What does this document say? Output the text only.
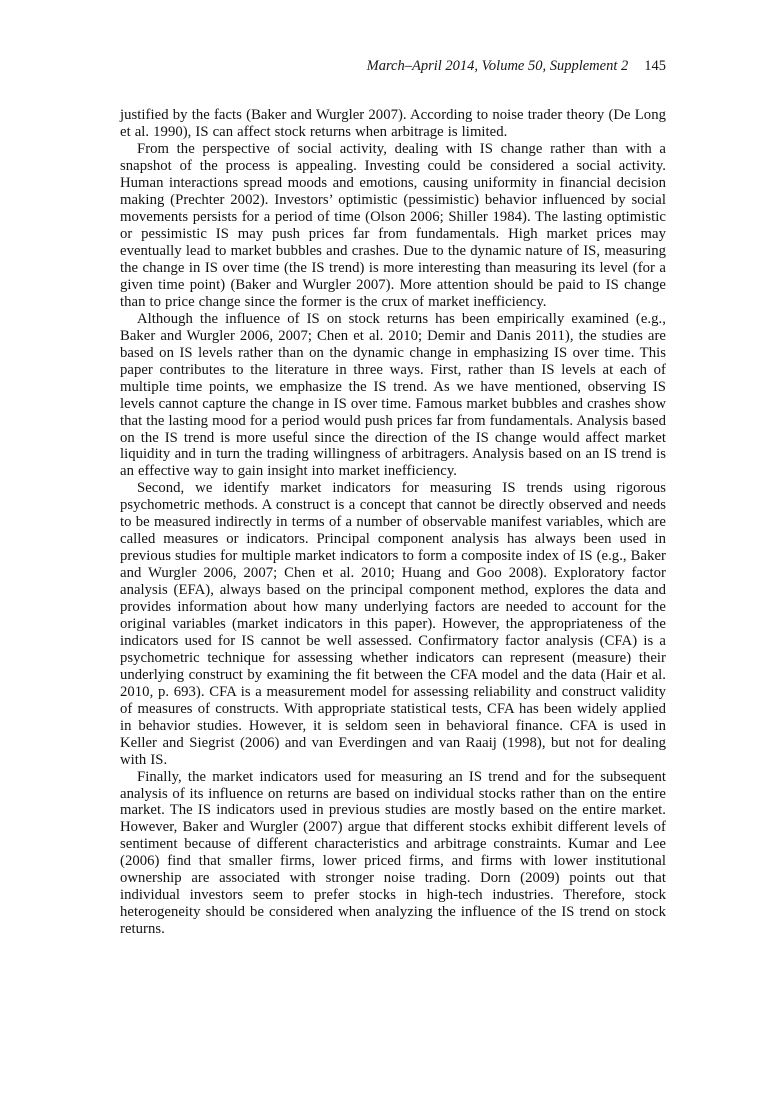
March–April 2014, Volume 50, Supplement 2 145

justified by the facts (Baker and Wurgler 2007). According to noise trader theory (De Long et al. 1990), IS can affect stock returns when arbitrage is limited.

From the perspective of social activity, dealing with IS change rather than with a snapshot of the process is appealing. Investing could be considered a social activity. Human interactions spread moods and emotions, causing uniformity in financial decision making (Prechter 2002). Investors’ optimistic (pessimistic) behavior influenced by social movements persists for a period of time (Olson 2006; Shiller 1984). The lasting optimistic or pessimistic IS may push prices far from fundamentals. High market prices may eventually lead to market bubbles and crashes. Due to the dynamic nature of IS, measuring the change in IS over time (the IS trend) is more interesting than measuring its level (for a given time point) (Baker and Wurgler 2007). More attention should be paid to IS change than to price change since the former is the crux of market inefficiency.

Although the influence of IS on stock returns has been empirically examined (e.g., Baker and Wurgler 2006, 2007; Chen et al. 2010; Demir and Danis 2011), the studies are based on IS levels rather than on the dynamic change in emphasizing IS over time. This paper contributes to the literature in three ways. First, rather than IS levels at each of multiple time points, we emphasize the IS trend. As we have mentioned, observing IS levels cannot capture the change in IS over time. Famous market bubbles and crashes show that the lasting mood for a period would push prices far from fundamentals. Analysis based on the IS trend is more useful since the direction of the IS change would affect market liquidity and in turn the trading willingness of arbitragers. Analysis based on an IS trend is an effective way to gain insight into market inefficiency.

Second, we identify market indicators for measuring IS trends using rigorous psychometric methods. A construct is a concept that cannot be directly observed and needs to be measured indirectly in terms of a number of observable manifest variables, which are called measures or indicators. Principal component analysis has always been used in previous studies for multiple market indicators to form a composite index of IS (e.g., Baker and Wurgler 2006, 2007; Chen et al. 2010; Huang and Goo 2008). Exploratory factor analysis (EFA), always based on the principal component method, explores the data and provides information about how many underlying factors are needed to account for the original variables (market indicators in this paper). However, the appropriateness of the indicators used for IS cannot be well assessed. Confirmatory factor analysis (CFA) is a psychometric technique for assessing whether indicators can represent (measure) their underlying construct by examining the fit between the CFA model and the data (Hair et al. 2010, p. 693). CFA is a measurement model for assessing reliability and construct validity of measures of constructs. With appropriate statistical tests, CFA has been widely applied in behavior studies. However, it is seldom seen in behavioral finance. CFA is used in Keller and Siegrist (2006) and van Everdingen and van Raaij (1998), but not for dealing with IS.

Finally, the market indicators used for measuring an IS trend and for the subsequent analysis of its influence on returns are based on individual stocks rather than on the entire market. The IS indicators used in previous studies are mostly based on the entire market. However, Baker and Wurgler (2007) argue that different stocks exhibit different levels of sentiment because of different characteristics and arbitrage constraints. Kumar and Lee (2006) find that smaller firms, lower priced firms, and firms with lower institutional ownership are associated with stronger noise trading. Dorn (2009) points out that individual investors seem to prefer stocks in high-tech industries. Therefore, stock heterogeneity should be considered when analyzing the influence of the IS trend on stock returns.
